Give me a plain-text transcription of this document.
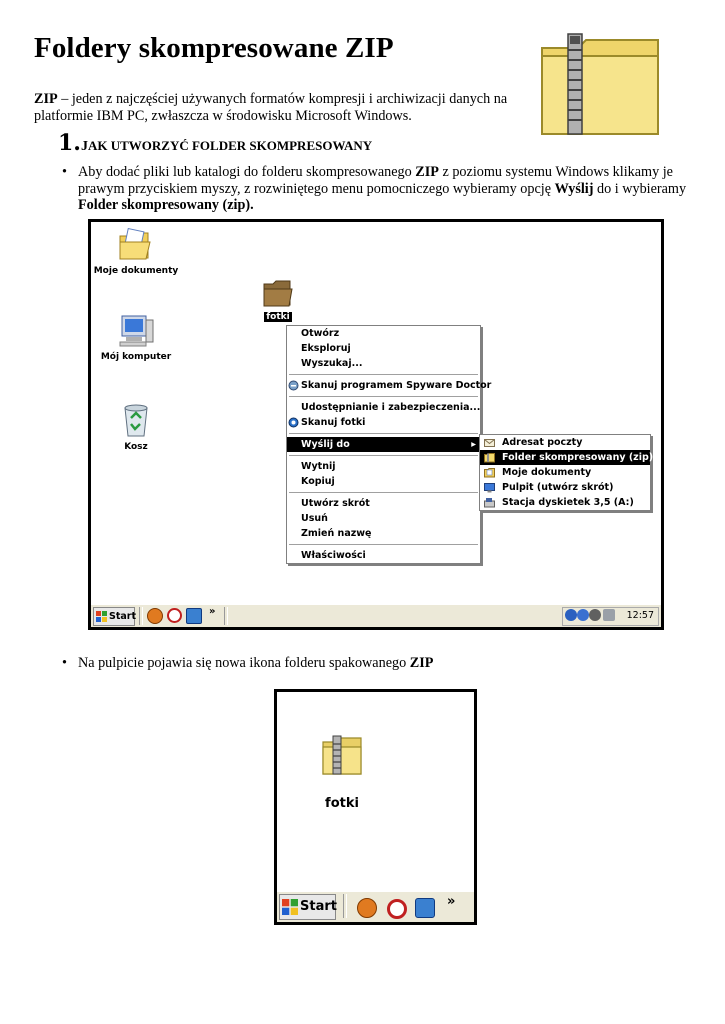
Foldery skompresowane ZIP

ZIP – jeden z najczęściej używanych formatów kompresji i archiwizacji danych na platformie IBM PC, zwłaszcza w środowisku Microsoft Windows.

1.JAK UTWORZYĆ FOLDER SKOMPRESOWANY
• Aby dodać pliki lub katalogi do folderu skompresowanego ZIP z poziomu systemu Windows klikamy je prawym przyciskiem myszy, z rozwiniętego menu pomocniczego wybieramy opcję Wyślij do i wybieramy Folder skompresowany (zip).
Moje dokumenty
Mój komputer
Kosz
fotki
Otwórz
Eksploruj
Wyszukaj...
Skanuj programem Spyware Doctor
Udostępnianie i zabezpieczenia...
Skanuj fotki
Wyślij do	▸
Wytnij
Kopiuj
Utwórz skrót
Usuń
Zmień nazwę
Właściwości
Adresat poczty
Folder skompresowany (zip)
Moje dokumenty
Pulpit (utwórz skrót)
Stacja dyskietek 3,5 (A:)
Start	»	12:57
• Na pulpicie pojawia się nowa ikona folderu spakowanego ZIP
fotki
Start	»
